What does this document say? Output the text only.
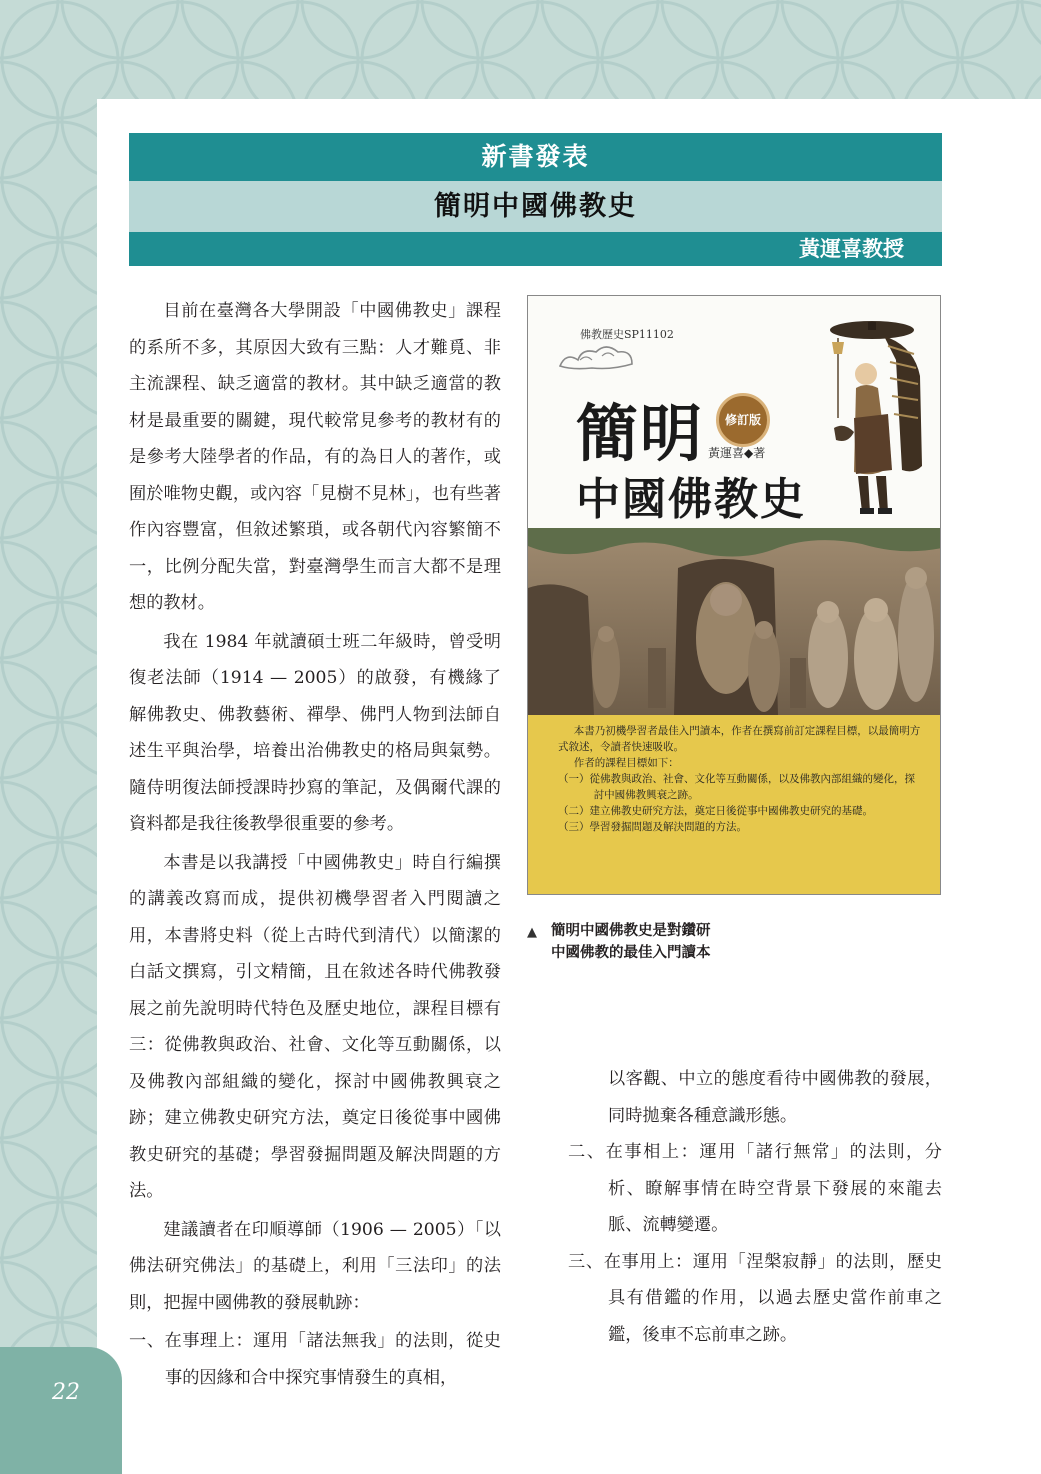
22
新書發表
簡明中國佛教史
黃運喜教授

目前在臺灣各大學開設「中國佛教史」課程的系所不多，其原因大致有三點：人才難覓、非主流課程、缺乏適當的教材。其中缺乏適當的教材是最重要的關鍵，現代較常見參考的教材有的是參考大陸學者的作品，有的為日人的著作，或囿於唯物史觀，或內容「見樹不見林」，也有些著作內容豐富，但敘述繁瑣，或各朝代內容繁簡不一，比例分配失當，對臺灣學生而言大都不是理想的教材。

我在 1984 年就讀碩士班二年級時，曾受明復老法師（1914 — 2005）的啟發，有機緣了解佛教史、佛教藝術、禪學、佛門人物到法師自述生平與治學，培養出治佛教史的格局與氣勢。隨侍明復法師授課時抄寫的筆記，及偶爾代課的資料都是我往後教學很重要的參考。

本書是以我講授「中國佛教史」時自行編撰的講義改寫而成，提供初機學習者入門閱讀之用，本書將史料（從上古時代到清代）以簡潔的白話文撰寫，引文精簡，且在敘述各時代佛教發展之前先說明時代特色及歷史地位，課程目標有三：從佛教與政治、社會、文化等互動關係，以及佛教內部組織的變化，探討中國佛教興衰之跡；建立佛教史研究方法，奠定日後從事中國佛教史研究的基礎；學習發掘問題及解決問題的方法。

建議讀者在印順導師（1906 — 2005）「以佛法研究佛法」的基礎上，利用「三法印」的法則，把握中國佛教的發展軌跡：

一、在事理上：運用「諸法無我」的法則，從史事的因緣和合中探究事情發生的真相，

佛教歷史SP11102
簡明	修訂版
黃運喜◆著
中國佛教史
本書乃初機學習者最佳入門讀本，作者在撰寫前訂定課程目標，以最簡明方式敘述，令讀者快速吸收。
作者的課程目標如下：
（一）從佛教與政治、社會、文化等互動關係，以及佛教內部組織的變化，探討中國佛教興衰之跡。
（二）建立佛教史研究方法，奠定日後從事中國佛教史研究的基礎。
（三）學習發掘問題及解決問題的方法。
▲ 簡明中國佛教史是對鑽研
中國佛教的最佳入門讀本

以客觀、中立的態度看待中國佛教的發展，同時拋棄各種意識形態。

二、在事相上：運用「諸行無常」的法則，分析、瞭解事情在時空背景下發展的來龍去脈、流轉變遷。

三、在事用上：運用「涅槃寂靜」的法則，歷史具有借鑑的作用，以過去歷史當作前車之鑑，後車不忘前車之跡。
